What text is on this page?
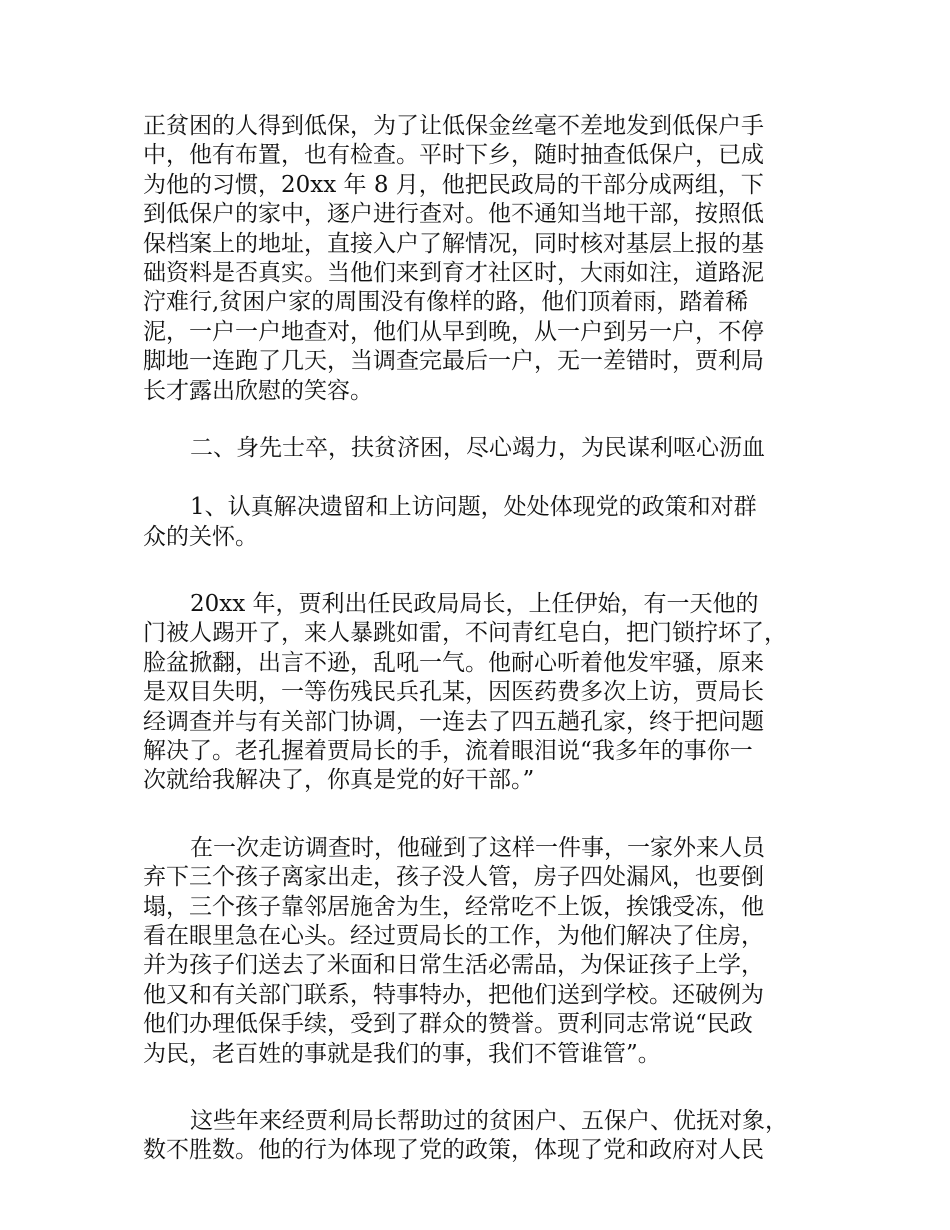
正贫困的人得到低保，为了让低保金丝毫不差地发到低保户手
中，他有布置，也有检查。平时下乡，随时抽查低保户，已成
为他的习惯，20xx 年 8 月，他把民政局的干部分成两组，下
到低保户的家中，逐户进行查对。他不通知当地干部，按照低
保档案上的地址，直接入户了解情况，同时核对基层上报的基
础资料是否真实。当他们来到育才社区时，大雨如注，道路泥
泞难行,贫困户家的周围没有像样的路，他们顶着雨，踏着稀
泥，一户一户地查对，他们从早到晚，从一户到另一户，不停
脚地一连跑了几天，当调查完最后一户，无一差错时，贾利局
长才露出欣慰的笑容。
二、身先士卒，扶贫济困，尽心竭力，为民谋利呕心沥血
1、认真解决遗留和上访问题，处处体现党的政策和对群
众的关怀。
20xx 年，贾利出任民政局局长，上任伊始，有一天他的
门被人踢开了，来人暴跳如雷，不问青红皂白，把门锁拧坏了，
脸盆掀翻，出言不逊，乱吼一气。他耐心听着他发牢骚，原来
是双目失明，一等伤残民兵孔某，因医药费多次上访，贾局长
经调查并与有关部门协调，一连去了四五趟孔家，终于把问题
解决了。老孔握着贾局长的手，流着眼泪说“我多年的事你一
次就给我解决了，你真是党的好干部。”
在一次走访调查时，他碰到了这样一件事，一家外来人员
弃下三个孩子离家出走，孩子没人管，房子四处漏风，也要倒
塌，三个孩子靠邻居施舍为生，经常吃不上饭，挨饿受冻，他
看在眼里急在心头。经过贾局长的工作，为他们解决了住房，
并为孩子们送去了米面和日常生活必需品，为保证孩子上学，
他又和有关部门联系，特事特办，把他们送到学校。还破例为
他们办理低保手续，受到了群众的赞誉。贾利同志常说“民政
为民，老百姓的事就是我们的事，我们不管谁管”。
这些年来经贾利局长帮助过的贫困户、五保户、优抚对象，
数不胜数。他的行为体现了党的政策，体现了党和政府对人民
